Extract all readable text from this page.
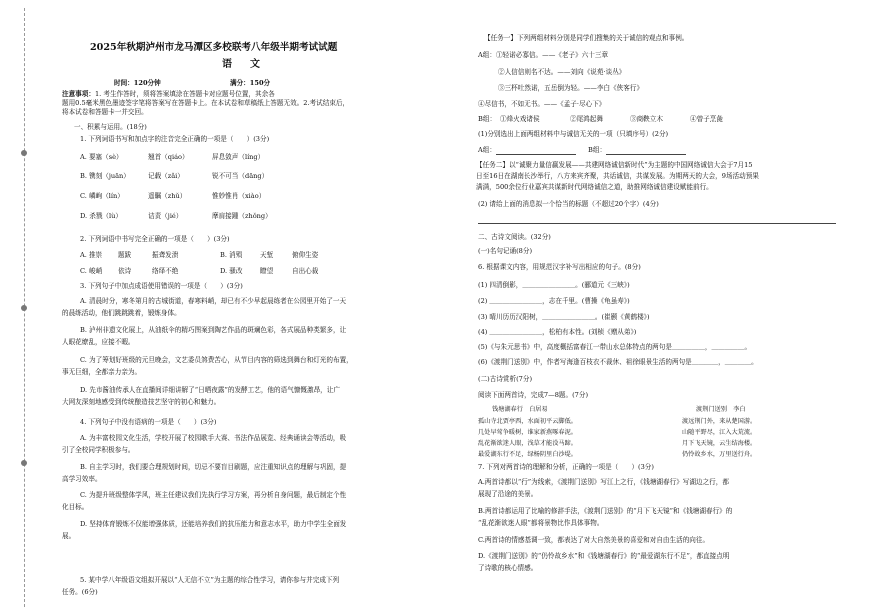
2025年秋期泸州市龙马潭区多校联考八年级半期考试试题
语文
时间：120分钟	满分：150分
注意事项：1. 考生作答时，须将答案填涂在答题卡对应题号位置，其余各
题用0.5毫米黑色墨迹签字笔将答案写在答题卡上。在本试卷和草稿纸上答题无效。2.考试结束后，
将本试卷和答题卡一并交回。
一、积累与运用。(18分)
1. 下列词语书写和加点字的注音完全正确的一项是（　　）(3分)
A. 要塞（sè）	翘首（qiáo）	屏息敛声（líng）
B. 镌刻（juān）	记载（zǎi）	锐不可当（dāng）
C. 嶙峋（lín）	遥瞩（zhǔ）	惟妙惟肖（xiào）
D. 杀戮（lù）	诘责（jié）	摩肩接踵（zhǒng）
2. 下列词语中书写完全正确的一项是（　　）(3分)
A. 推崇 题跋	振聋发溃	B. 消殒	天堑	俯仰生姿
C. 峻峭 依诗	络绎不绝	D. 骚改	瞭望	自出心裁
3. 下列句子中加点成语使用错误的一项是（　　）(3分)
A. 清晨时分，寒冬第月的古城街道，春寒料峭，却已有不少早起晨练者在公园里开始了一天
的晨练活动，他们跳跳跳着，锻炼身体。
B. 泸州非遗文化展上，从油纸伞的精巧图案到陶艺作品的斑斓色彩，各式展品种类繁多，让
人眼花缭乱，应接不暇。
C. 为了筹划好班级的元旦晚会，文艺委员煞费苦心，从节目内容的筛选到舞台和灯光的布置，
事无巨细，全都亲力亲为。
D. 先市酱油传承人在直播间详细讲解了“日晒夜露”的发酵工艺，他的语气慷慨激昂，让广
大网友深刻地感受到传统酿造技艺坚守的初心和魅力。
4. 下列句子中没有语病的一项是（　　）(3分)
A. 为丰富校园文化生活，学校开展了校园歌手大赛、书法作品展览、经典诵读会等活动，吸
引了全校同学积极参与。
B. 自主学习时，我们要合理规划时间，切忌不要盲目刷题，应注重知识点的理解与巩固，提
高学习效率。
C. 为提升班级整体学风，班主任建议我们先执行学习方案，再分析自身问题，最后制定个性
化目标。
D. 坚持体育锻炼不仅能增强体质，还能培养我们的抗压能力和意志水平，助力中学生全面发
展。
5. 某中学八年级语文组拟开展以“人无信不立”为主题的综合性学习，请你参与并完成下列
任务。(6分)
【任务一】下列两组材料分别是同学们搜集的关于诚信的观点和事例。
A组：①轻诺必寡信。——《老子》六十三章
②人信信则名不达。——刘向《说苑·谈丛》
③三杯吐然诺，五岳倒为轻。——李白《侠客行》
④尽信书，不如无书。——《孟子·尽心下》
B组： ①烽火戏诸侯	②尾鸿起舞	③商鞅立木	④曾子烹彘
(1)分别选出上面两组材料中与诚信无关的一项（只填序号）(2分)
A组：	B组：
【任务二】以“诚聚力量信赢发展——共建网络诚信新时代”为主题的中国网络诚信大会于7月15
日至16日在湖南长沙举行，八方来宾齐聚，共话诚信，共谋发展。为期两天的大会，9场活动预果
满满，500余位行业嘉宾共谋新时代网络诚信之道，助推网络诚信建设赋能前行。
(2) 请给上面的消息拟一个恰当的标题（不超过20个字）(4分)
二、古诗文阅读。(32分)
(一)名句记诵(8分)
6. 根据课文内容，用规范汉字补写出相应的句子。(8分)
(1) 四清倒影，＿＿＿＿＿＿＿＿。(郦道元《三峡》)
(2) ＿＿＿＿＿＿＿＿，志在千里。(曹操《龟虽寿》)
(3) 晴川历历汉阳树，＿＿＿＿＿＿＿＿。(崔颢《黄鹤楼》)
(4) ＿＿＿＿＿＿＿＿，松柏有本性。(刘桢《赠从弟》)
(5)《与朱元思书》中，高度概括富春江一带山水总体特点的两句是＿＿＿＿＿，＿＿＿＿＿。
(6)《渡荆门送别》中，作者写海逢百枝衣不裁休、祖徐眼景生活的两句是＿＿＿＿，＿＿＿＿。
(二)古诗赏析(7分)
阅读下面两首诗，完成7—8题。(7分)
钱塘湖春行　白居易
孤山寺北贾亭西，水面初平云脚低。
几处早莺争暖树，谁家新燕啄春泥。
乱花渐欲迷人眼，浅草才能没马蹄。
最爱湖东行不足，绿杨阴里白沙堤。
渡荆门送别　李白
渡远荆门外，来从楚国游。
山随平野尽，江入大荒流。
月下飞天镜，云生结海楼。
仍怜故乡水，万里送行舟。
7. 下列对两首诗的理解和分析，正确的一项是（　　）(3分)
A.两首诗都以“行”为线索，《渡荆门送别》写江上之行，《钱塘湖春行》写湖边之行，都
展现了沿途的美景。
B.两首诗都运用了比喻的修辞手法，《渡荆门送别》的“月下飞天镜”和《钱塘湖春行》的
“乱花渐欲迷人眼”都将景物比作具体事物。
C.两首诗的情感基调一致，都表达了对大自然美景的喜爱和对自由生活的向往。
D.《渡荆门送别》的“仍怜故乡水”和《钱塘湖春行》的“最爱湖东行不足”，都直接点明
了诗歌的核心情感。
